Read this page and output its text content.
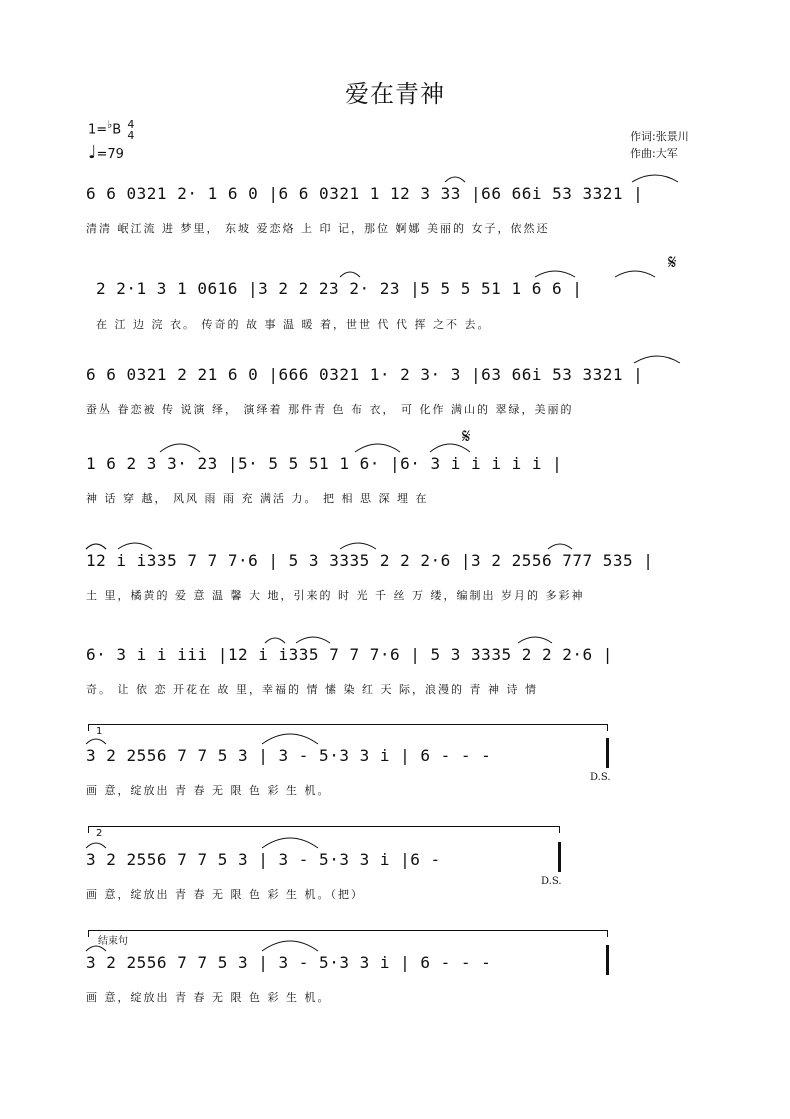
爱在青神
1=♭B 4
4
♩=79
作词:张景川
作曲:大军
6 6 0321 2· 1 6 0 |6 6 0321 1 12 3 33 |66 66i 53 3321 |
清清 岷江流 进 梦里， 东坡 爱恋烙 上 印 记，那位 婀娜 美丽的 女子，依然还
2 2·1 3 1 0616 |3 2 2 23 2· 23 |5 5 5 51 1 6 6 |
在 江 边 浣 衣。 传奇的 故 事 温 暖 着，世世 代 代 挥 之不 去。
𝄋
6 6 0321 2 21 6 0 |666 0321 1· 2 3· 3 |63 66i 53 3321 |
蚕丛 眷恋被 传 说演 绎， 演绎着 那件青 色 布 衣， 可 化作 满山的 翠绿，美丽的
1 6 2 3 3· 23 |5· 5 5 51 1 6· |6· 3 i i i i i |
神 话 穿 越， 风风 雨 雨 充 满活 力。 把 相 思 深 埋 在
𝄋
12 i i335 7 7 7·6 | 5 3 3335 2 2 2·6 |3 2 2556 777 535 |
土 里，橘黄的 爱 意 温 馨 大 地，引来的 时 光 千 丝 万 缕，编制出 岁月的 多彩神
6· 3 i i iii |12 i i335 7 7 7·6 | 5 3 3335 2 2 2·6 |
奇。 让 依 恋 开花在 故 里，幸福的 情 愫 染 红 天 际，浪漫的 青 神 诗 情
1
3 2 2556 7 7 5 3 | 3 - 5·3 3 i | 6 - - -
画 意，绽放出 青 春 无 限 色 彩 生 机。
D.S.
2
3 2 2556 7 7 5 3 | 3 - 5·3 3 i |6 -
画 意，绽放出 青 春 无 限 色 彩 生 机。（把）
D.S.
结束句
3 2 2556 7 7 5 3 | 3 - 5·3 3 i | 6 - - -
画 意，绽放出 青 春 无 限 色 彩 生 机。
